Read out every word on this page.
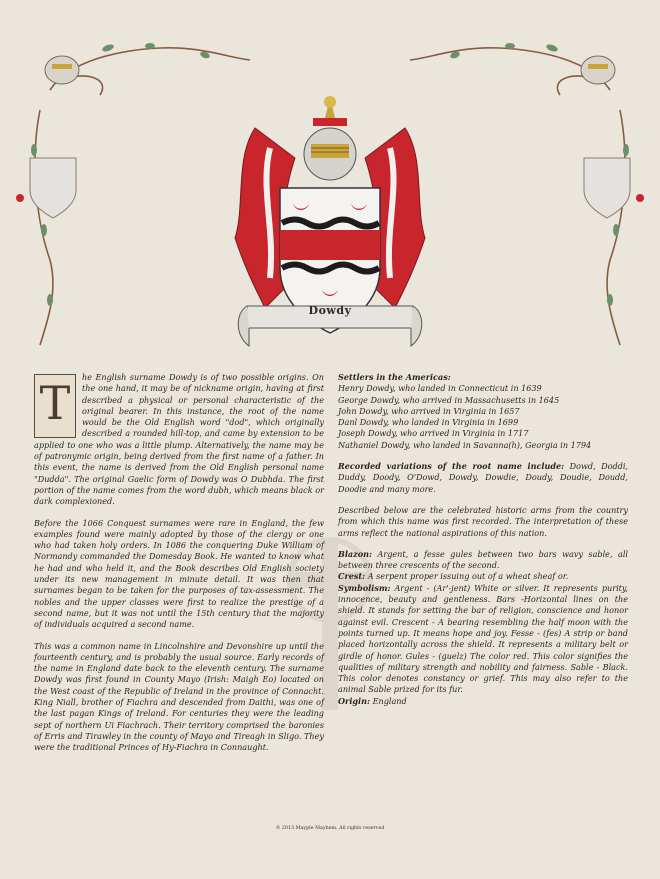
Dowdy

T	he English surname Dowdy is of two possible origins. On the one hand, it may be of nickname origin, having at first described a physical or personal characteristic of the original bearer. In this instance, the root of the name would be the Old English word "dod", which originally described a rounded hill-top, and came by extension to be applied to one who was a little plump. Alternatively, the name may be of patronymic origin, being derived from the first name of a father. In this event, the name is derived from the Old English personal name "Dudda". The original Gaelic form of Dowdy was O Dubhda. The first portion of the name comes from the word dubh, which means black or dark complexioned.

Before the 1066 Conquest surnames were rare in England, the few examples found were mainly adopted by those of the clergy or one who had taken holy orders. In 1086 the conquering Duke William of Normandy commanded the Domesday Book. He wanted to know what he had and who held it, and the Book describes Old English society under its new management in minute detail. It was then that surnames began to be taken for the purposes of tax-assessment. The nobles and the upper classes were first to realize the prestige of a second name, but it was not until the 15th century that the majority of individuals acquired a second name.

This was a common name in Lincolnshire and Devonshire up until the fourteenth century, and is probably the usual source. Early records of the name in England date back to the eleventh century. The surname Dowdy was first found in County Mayo (Irish: Maigh Eo) located on the West coast of the Republic of Ireland in the province of Connacht. King Niall, brother of Fiachra and descended from Daithi, was one of the last pagan Kings of Ireland. For centuries they were the leading sept of northern Ui Fiachrach. Their territory comprised the baronies of Erris and Tirawley in the county of Mayo and Tireagh in Sligo. They were the traditional Princes of Hy-Fiachra in Connaught.

Settlers in the Americas:
Henry Dowdy, who landed in Connecticut in 1639
George Dowdy, who arrived in Massachusetts in 1645
John Dowdy, who arrived in Virginia in 1657
Danl Dowdy, who landed in Virginia in 1699
Joseph Dowdy, who arrived in Virginia in 1717
Nathaniel Dowdy, who landed in Savanna(h), Georgia in 1794

Recorded variations of the root name include: Dowd, Doddi, Duddy, Doody, O'Dowd, Dowdy, Dowdie, Doudy, Doudie, Doudd, Doodie and many more.

Described below are the celebrated historic arms from the country from which this name was first recorded. The interpretation of these arms reflect the national aspirations of this nation.

Blazon: Argent, a fesse gules between two bars wavy sable, all between three crescents of the second.

Crest: A serpent proper issuing out of a wheat sheaf or.

Symbolism: Argent - (Ar'-jent) White or silver. It represents purity, innocence, beauty and gentleness. Bars -Horizontal lines on the shield. It stands for setting the bar of religion, conscience and honor against evil. Crescent - A bearing resembling the half moon with the points turned up. It means hope and joy. Fesse - (fes) A strip or band placed horizontally across the shield. It represents a military belt or girdle of honor. Gules - (guelz) The color red. This color signifies the qualities of military strength and nobility and fairness. Sable - Black. This color denotes constancy or grief. This may also refer to the animal Sable prized for its fur.

Origin: England

© 2013 Mayple Mayhem. All rights reserved
